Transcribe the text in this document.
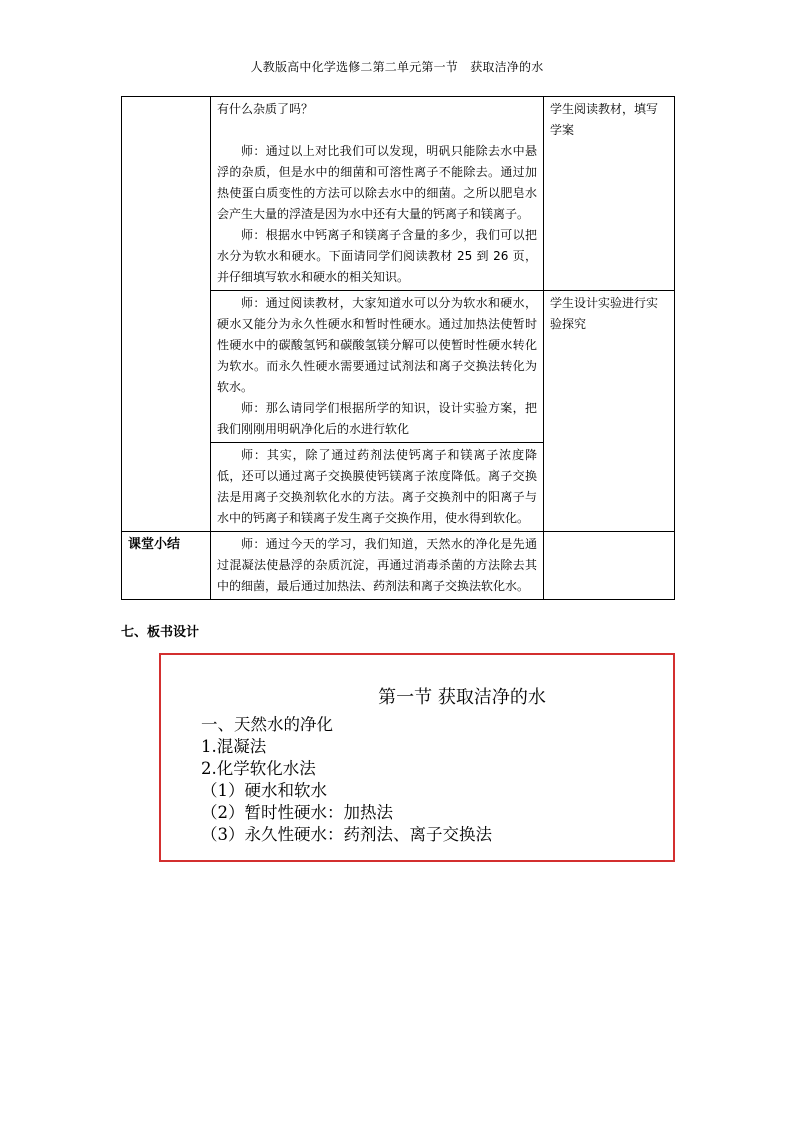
人教版高中化学选修二第二单元第一节　获取洁净的水

	有什么杂质了吗？

师：通过以上对比我们可以发现，明矾只能除去水中悬浮的杂质，但是水中的细菌和可溶性离子不能除去。通过加热使蛋白质变性的方法可以除去水中的细菌。之所以肥皂水会产生大量的浮渣是因为水中还有大量的钙离子和镁离子。

师：根据水中钙离子和镁离子含量的多少，我们可以把水分为软水和硬水。下面请同学们阅读教材 25 到 26 页，并仔细填写软水和硬水的相关知识。	学生阅读教材，填写学案

	师：通过阅读教材，大家知道水可以分为软水和硬水，硬水又能分为永久性硬水和暂时性硬水。通过加热法使暂时性硬水中的碳酸氢钙和碳酸氢镁分解可以使暂时性硬水转化为软水。而永久性硬水需要通过试剂法和离子交换法转化为软水。

师：那么请同学们根据所学的知识，设计实验方案，把我们刚刚用明矾净化后的水进行软化	学生设计实验进行实验探究

	师：其实，除了通过药剂法使钙离子和镁离子浓度降低，还可以通过离子交换膜使钙镁离子浓度降低。离子交换法是用离子交换剂软化水的方法。离子交换剂中的阳离子与水中的钙离子和镁离子发生离子交换作用，使水得到软化。	

课堂小结	师：通过今天的学习，我们知道，天然水的净化是先通过混凝法使悬浮的杂质沉淀，再通过消毒杀菌的方法除去其中的细菌，最后通过加热法、药剂法和离子交换法软化水。	

七、板书设计
第一节 获取洁净的水
一、天然水的净化
1.混凝法
2.化学软化水法
（1）硬水和软水
（2）暂时性硬水：加热法
（3）永久性硬水：药剂法、离子交换法
